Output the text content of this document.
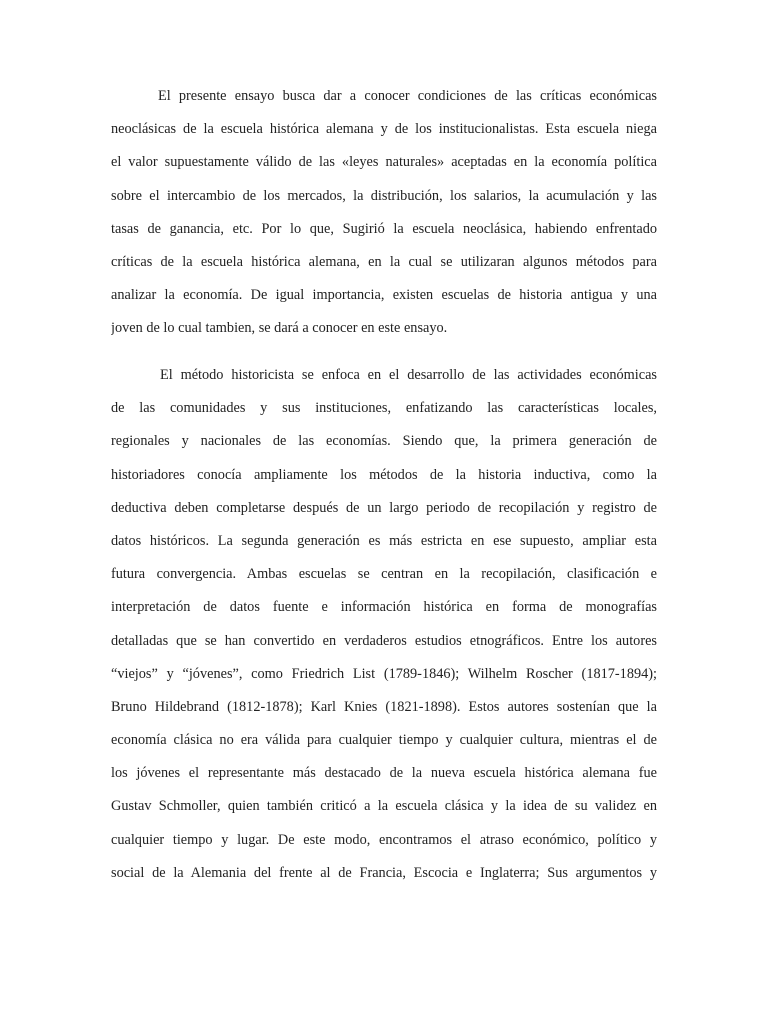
El presente ensayo busca dar a conocer condiciones de las críticas económicas
neoclásicas de la escuela histórica alemana y de los institucionalistas. Esta escuela niega
el valor supuestamente válido de las «leyes naturales» aceptadas en la economía política
sobre el intercambio de los mercados, la distribución, los salarios, la acumulación y las
tasas de ganancia, etc. Por lo que, Sugirió la escuela neoclásica, habiendo enfrentado
críticas de la escuela histórica alemana, en la cual se utilizaran algunos métodos para
analizar la economía. De igual importancia, existen escuelas de historia antigua y una
joven de lo cual tambien, se dará a conocer en este ensayo.
El método historicista se enfoca en el desarrollo de las actividades económicas
de las comunidades y sus instituciones, enfatizando las características locales,
regionales y nacionales de las economías. Siendo que, la primera generación de
historiadores conocía ampliamente los métodos de la historia inductiva, como la
deductiva deben completarse después de un largo periodo de recopilación y registro de
datos históricos. La segunda generación es más estricta en ese supuesto, ampliar esta
futura convergencia. Ambas escuelas se centran en la recopilación, clasificación e
interpretación de datos fuente e información histórica en forma de monografías
detalladas que se han convertido en verdaderos estudios etnográficos. Entre los autores
“viejos” y “jóvenes”, como Friedrich List (1789-1846); Wilhelm Roscher (1817-1894);
Bruno Hildebrand (1812-1878); Karl Knies (1821-1898). Estos autores sostenían que la
economía clásica no era válida para cualquier tiempo y cualquier cultura, mientras el de
los jóvenes el representante más destacado de la nueva escuela histórica alemana fue
Gustav Schmoller, quien también criticó a la escuela clásica y la idea de su validez en
cualquier tiempo y lugar. De este modo, encontramos el atraso económico, político y
social de la Alemania del frente al de Francia, Escocia e Inglaterra; Sus argumentos y
